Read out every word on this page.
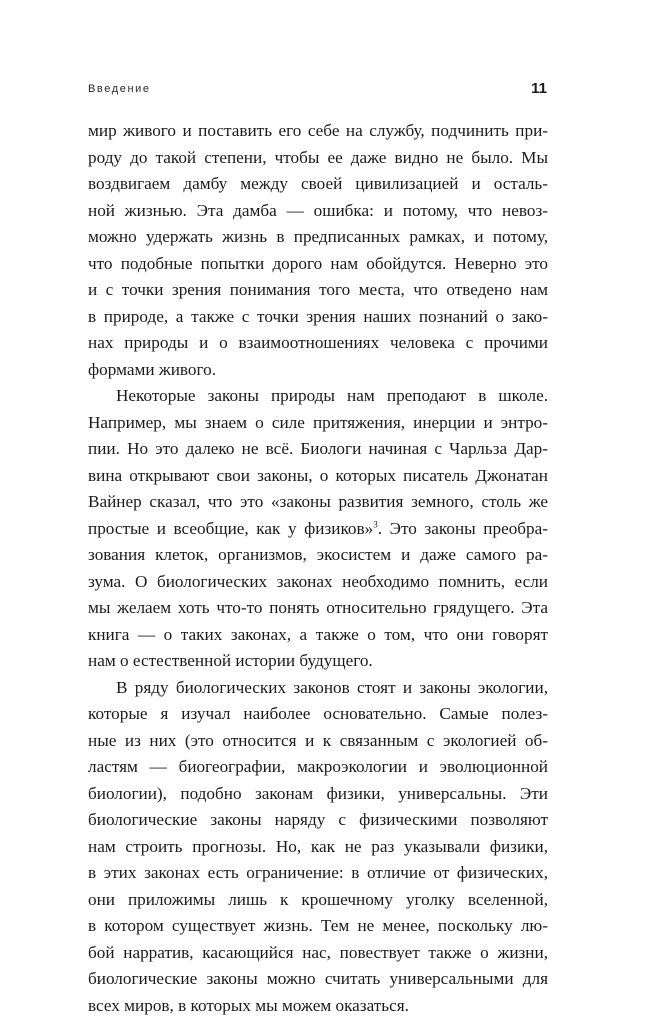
Введение	11
мир живого и поставить его себе на службу, подчинить при-
роду до такой степени, чтобы ее даже видно не было. Мы
воздвигаем дамбу между своей цивилизацией и осталь-
ной жизнью. Эта дамба — ошибка: и потому, что невоз-
можно удержать жизнь в предписанных рамках, и потому,
что подобные попытки дорого нам обойдутся. Неверно это
и с точки зрения понимания того места, что отведено нам
в природе, а также с точки зрения наших познаний о зако-
нах природы и о взаимоотношениях человека с прочими
формами живого.
Некоторые законы природы нам преподают в школе.
Например, мы знаем о силе притяжения, инерции и энтро-
пии. Но это далеко не всё. Биологи начиная с Чарльза Дар-
вина открывают свои законы, о которых писатель Джонатан
Вайнер сказал, что это «законы развития земного, столь же
простые и всеобщие, как у физиков»$^3$. Это законы преобра-
зования клеток, организмов, экосистем и даже самого ра-
зума. О биологических законах необходимо помнить, если
мы желаем хоть что-то понять относительно грядущего. Эта
книга — о таких законах, а также о том, что они говорят
нам о естественной истории будущего.
В ряду биологических законов стоят и законы экологии,
которые я изучал наиболее основательно. Самые полез-
ные из них (это относится и к связанным с экологией об-
ластям — биогеографии, макроэкологии и эволюционной
биологии), подобно законам физики, универсальны. Эти
биологические законы наряду с физическими позволяют
нам строить прогнозы. Но, как не раз указывали физики,
в этих законах есть ограничение: в отличие от физических,
они приложимы лишь к крошечному уголку вселенной,
в котором существует жизнь. Тем не менее, поскольку лю-
бой нарратив, касающийся нас, повествует также о жизни,
биологические законы можно считать универсальными для
всех миров, в которых мы можем оказаться.
